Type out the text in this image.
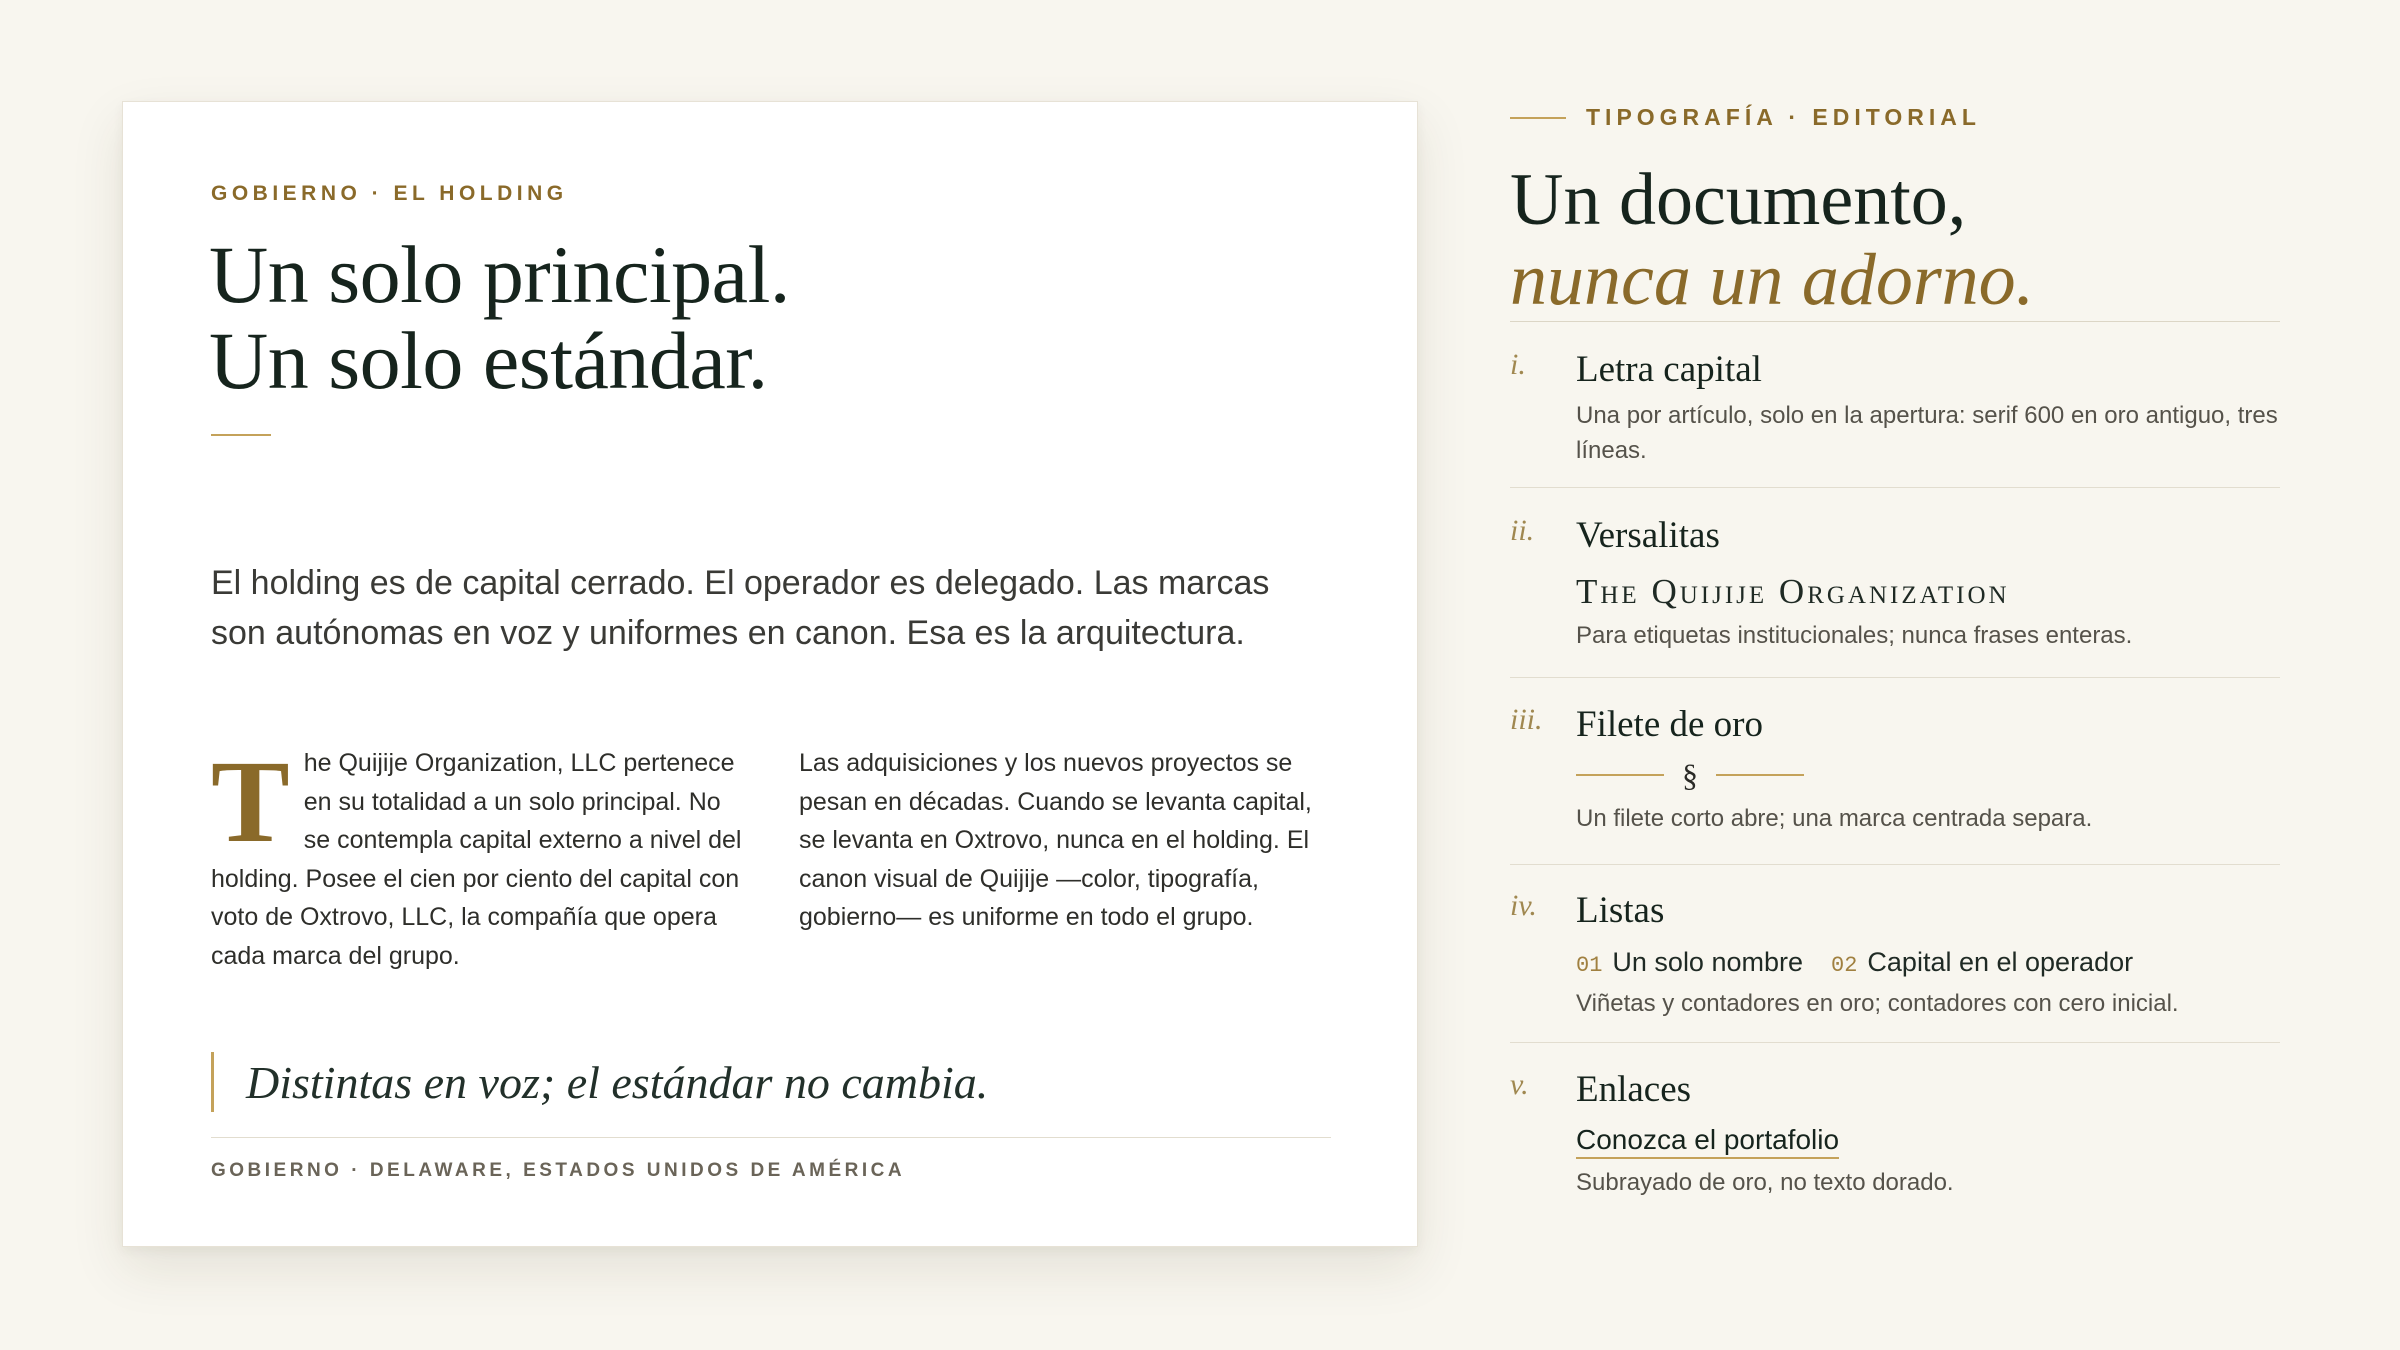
GOBIERNO · EL HOLDING

Un solo principal.
Un solo estándar.

El holding es de capital cerrado. El operador es delegado. Las marcas son autónomas en voz y uniformes en canon. Esa es la arquitectura.

The Quijije Organization, LLC pertenece en su totalidad a un solo principal. No se contempla capital externo a nivel del holding. Posee el cien por ciento del capital con voto de Oxtrovo, LLC, la compañía que opera cada marca del grupo.

Las adquisiciones y los nuevos proyectos se pesan en décadas. Cuando se levanta capital, se levanta en Oxtrovo, nunca en el holding. El canon visual de Quijije —color, tipografía, gobierno— es uniforme en todo el grupo.

Distintas en voz; el estándar no cambia.

GOBIERNO · DELAWARE, ESTADOS UNIDOS DE AMÉRICA

TIPOGRAFÍA · EDITORIAL
Un documento,
nunca un adorno.
i. Letra capital

Una por artículo, solo en la apertura: serif 600 en oro antiguo, tres líneas.

ii. Versalitas

The Quijije Organization

Para etiquetas institucionales; nunca frases enteras.

iii. Filete de oro
§

Un filete corto abre; una marca centrada separa.

iv. Listas
01 Un solo nombre 02 Capital en el operador

Viñetas y contadores en oro; contadores con cero inicial.

v. Enlaces
Conozca el portafolio

Subrayado de oro, no texto dorado.
